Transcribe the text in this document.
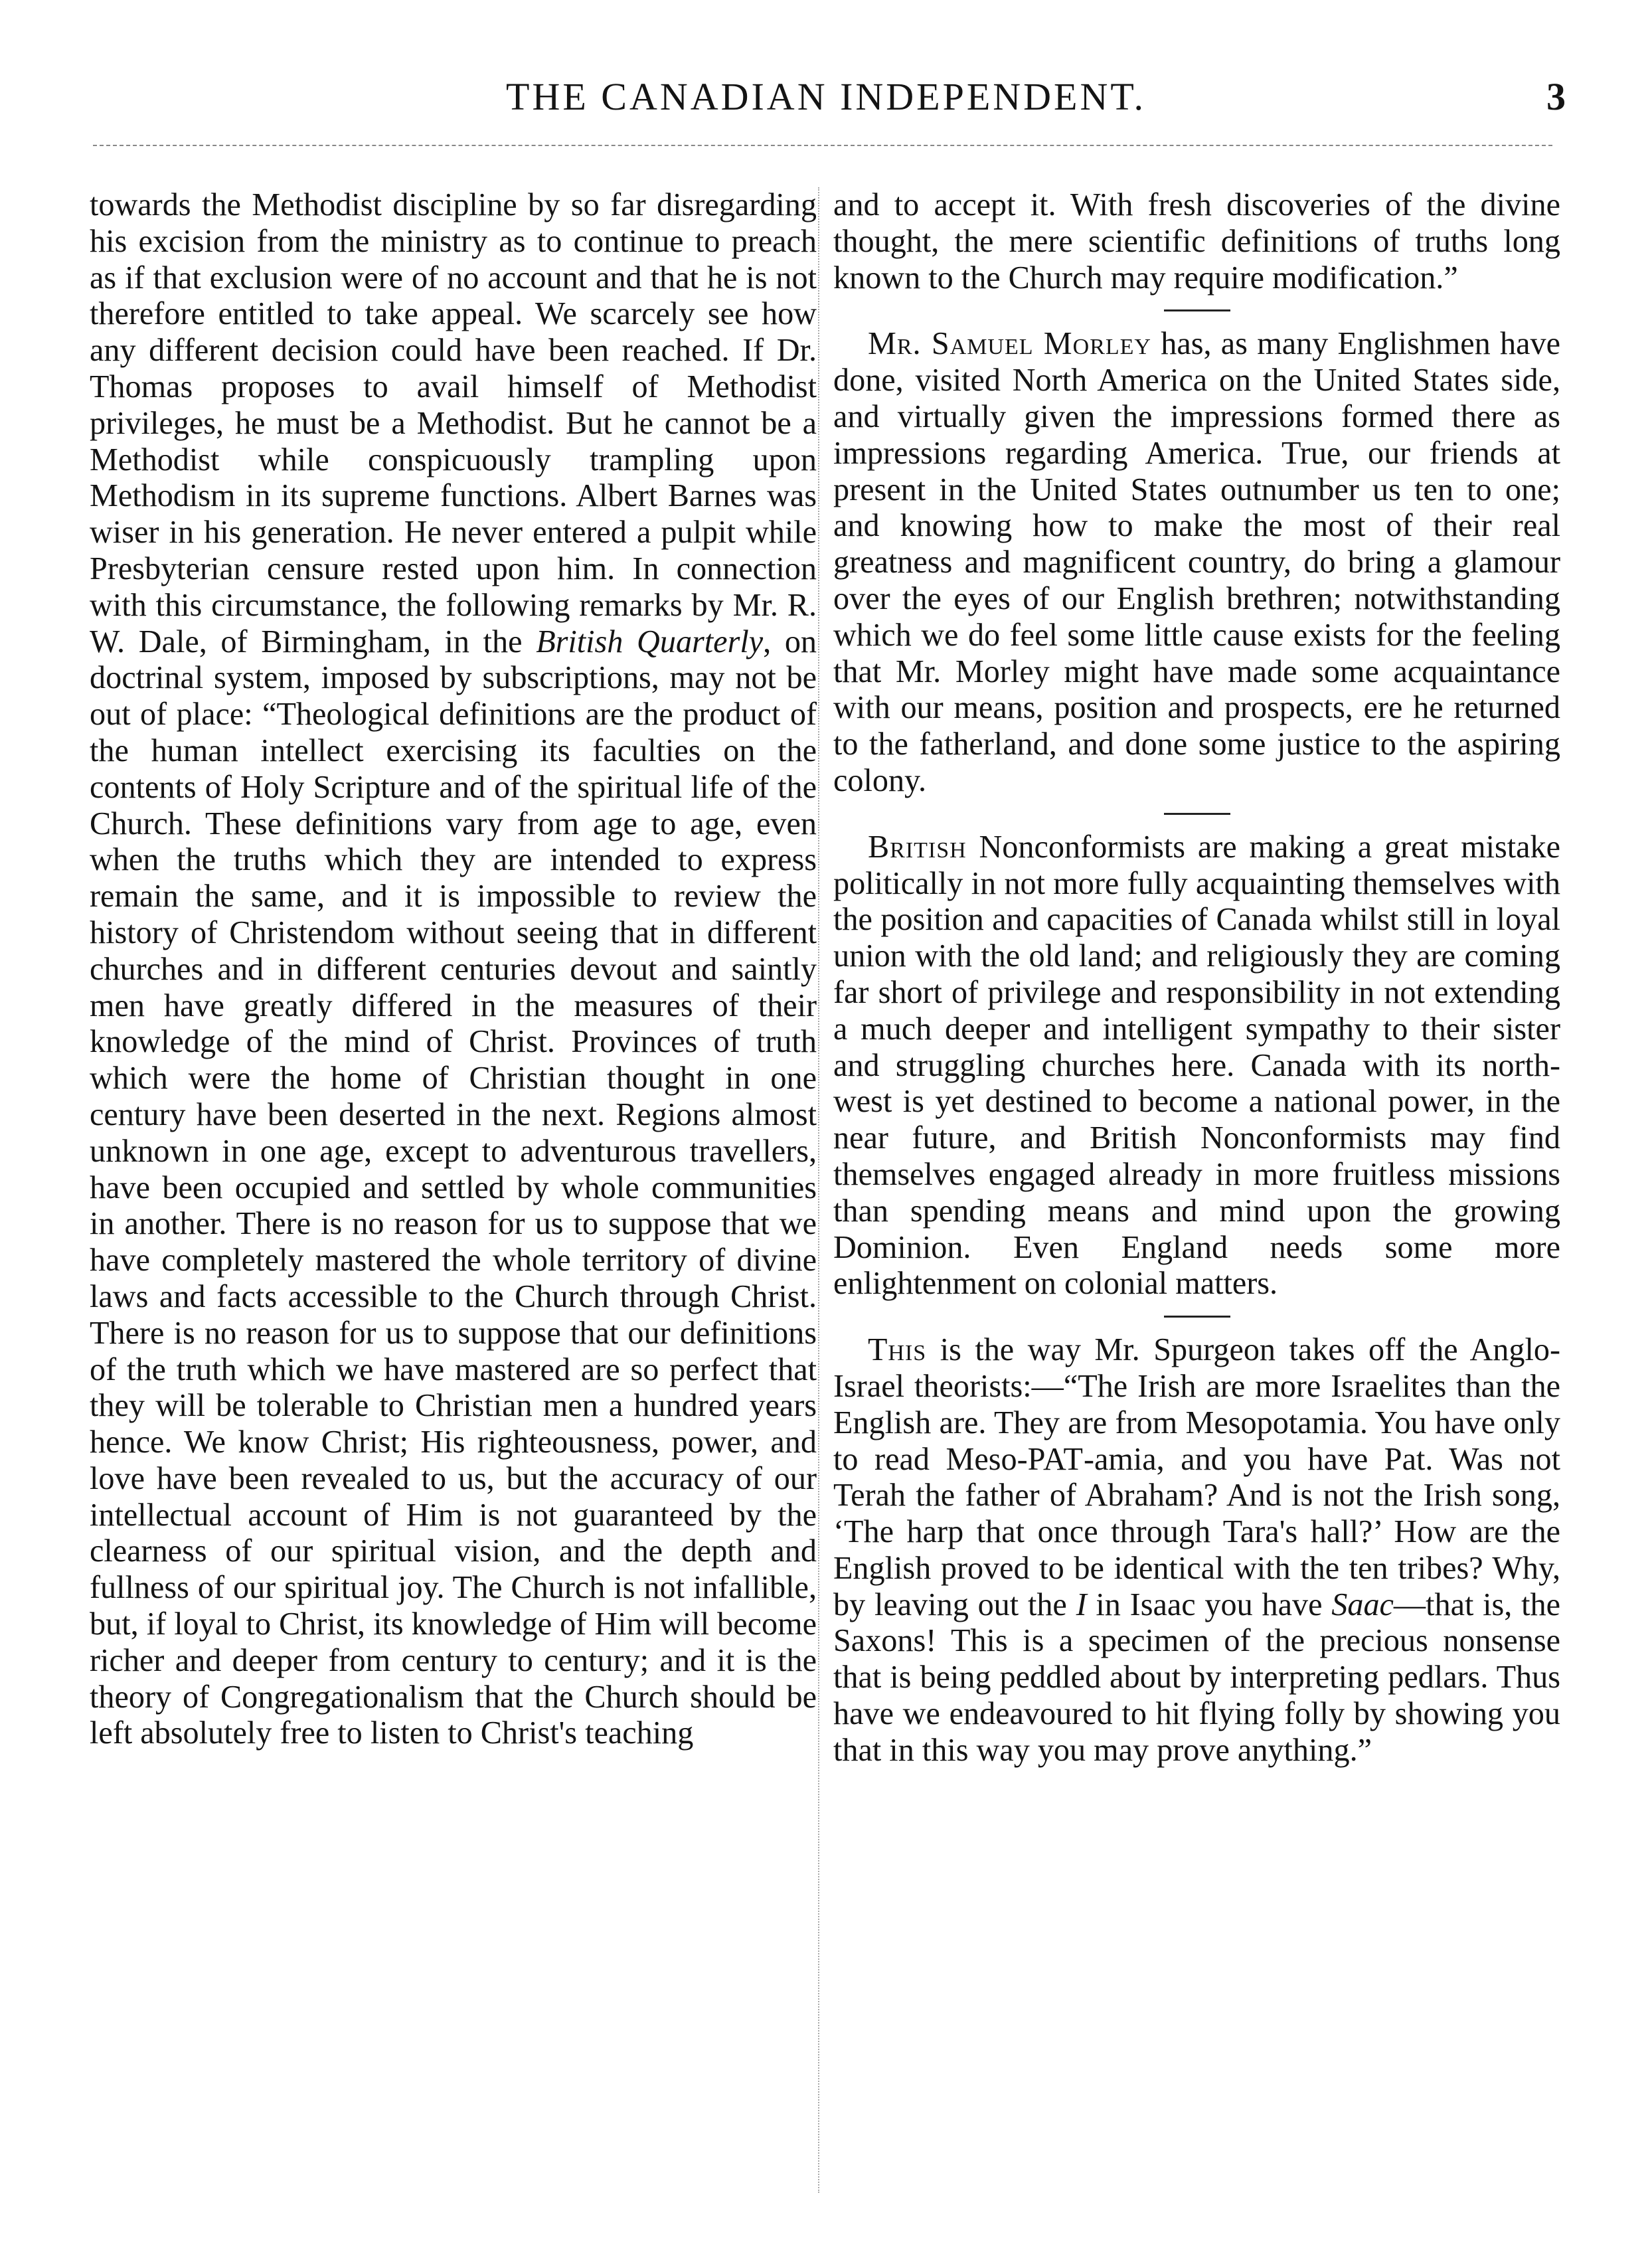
THE CANADIAN INDEPENDENT.	3

towards the Methodist discipline by so far disregarding his excision from the ministry as to continue to preach as if that exclusion were of no account and that he is not therefore entitled to take appeal. We scarcely see how any different decision could have been reached. If Dr. Thomas proposes to avail himself of Methodist privileges, he must be a Methodist. But he cannot be a Methodist while conspicuously trampling upon Methodism in its supreme functions. Albert Barnes was wiser in his generation. He never entered a pulpit while Presbyterian censure rested upon him. In connection with this circumstance, the following remarks by Mr. R. W. Dale, of Birmingham, in the British Quarterly, on doctrinal system, imposed by subscriptions, may not be out of place: “Theological definitions are the product of the human intellect exercising its faculties on the contents of Holy Scripture and of the spiritual life of the Church. These definitions vary from age to age, even when the truths which they are intended to express remain the same, and it is impossible to review the history of Christendom without seeing that in different churches and in different centuries devout and saintly men have greatly differed in the measures of their knowledge of the mind of Christ. Provinces of truth which were the home of Christian thought in one century have been deserted in the next. Regions almost unknown in one age, except to adventurous travellers, have been occupied and settled by whole communities in another. There is no reason for us to suppose that we have completely mastered the whole territory of divine laws and facts accessible to the Church through Christ. There is no reason for us to suppose that our definitions of the truth which we have mastered are so perfect that they will be tolerable to Christian men a hundred years hence. We know Christ; His righteousness, power, and love have been revealed to us, but the accuracy of our intellectual account of Him is not guaranteed by the clearness of our spiritual vision, and the depth and fullness of our spiritual joy. The Church is not infallible, but, if loyal to Christ, its knowledge of Him will become richer and deeper from century to century; and it is the theory of Congregationalism that the Church should be left absolutely free to listen to Christ's teaching

and to accept it. With fresh discoveries of the divine thought, the mere scientific definitions of truths long known to the Church may require modification.”

Mr. Samuel Morley has, as many Englishmen have done, visited North America on the United States side, and virtually given the impressions formed there as impressions regarding America. True, our friends at present in the United States outnumber us ten to one; and knowing how to make the most of their real greatness and magnificent country, do bring a glamour over the eyes of our English brethren; notwithstanding which we do feel some little cause exists for the feeling that Mr. Morley might have made some acquaintance with our means, position and prospects, ere he returned to the fatherland, and done some justice to the aspiring colony.

British Nonconformists are making a great mistake politically in not more fully acquainting themselves with the position and capacities of Canada whilst still in loyal union with the old land; and religiously they are coming far short of privilege and responsibility in not extending a much deeper and intelligent sympathy to their sister and struggling churches here. Canada with its north-west is yet destined to become a national power, in the near future, and British Nonconformists may find themselves engaged already in more fruitless missions than spending means and mind upon the growing Dominion. Even England needs some more enlightenment on colonial matters.

This is the way Mr. Spurgeon takes off the Anglo-Israel theorists:—“The Irish are more Israelites than the English are. They are from Mesopotamia. You have only to read Meso-PAT-amia, and you have Pat. Was not Terah the father of Abraham? And is not the Irish song, ‘The harp that once through Tara's hall?’ How are the English proved to be identical with the ten tribes? Why, by leaving out the I in Isaac you have Saac—that is, the Saxons! This is a specimen of the precious nonsense that is being peddled about by interpreting pedlars. Thus have we endeavoured to hit flying folly by showing you that in this way you may prove anything.”
